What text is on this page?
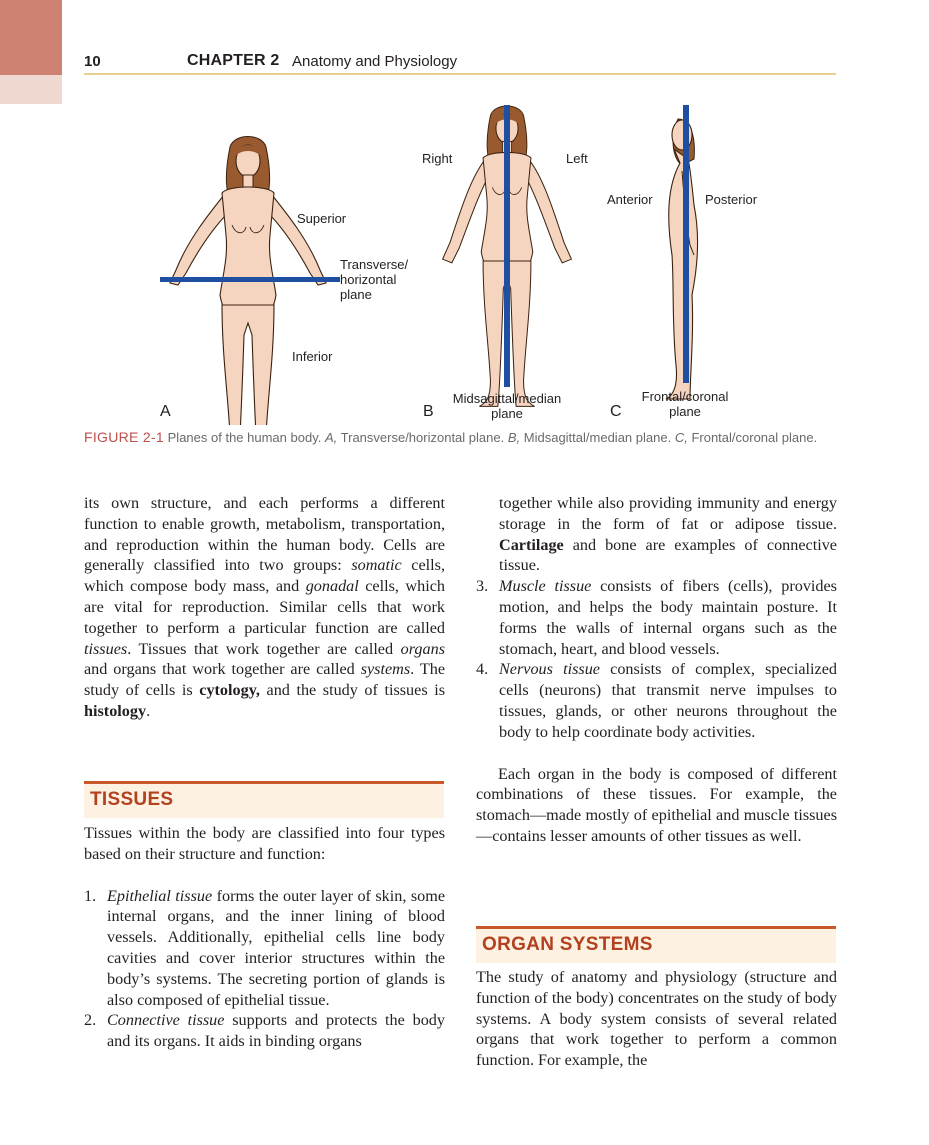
10	CHAPTER 2 Anatomy and Physiology
Superior
Transverse/
horizontal
plane
Inferior
A
Right	Left
Midsagittal/median
plane
B
Anterior	Posterior
Frontal/coronal
plane
C
FIGURE 2-1 Planes of the human body. A, Transverse/horizontal plane. B, Midsagittal/median plane. C, Frontal/coronal plane.

its own structure, and each performs a different function to enable growth, metabolism, transportation, and reproduction within the human body. Cells are generally classified into two groups: somatic cells, which compose body mass, and gonadal cells, which are vital for reproduction. Similar cells that work together to perform a particular function are called tissues. Tissues that work together are called organs and organs that work together are called systems. The study of cells is cytology, and the study of tissues is histology.

TISSUES

Tissues within the body are classified into four types based on their structure and function:

1. Epithelial tissue forms the outer layer of skin, some internal organs, and the inner lining of blood vessels. Additionally, epithelial cells line body cavities and cover interior structures within the body’s systems. The secreting portion of glands is also composed of epithelial tissue.
2. Connective tissue supports and protects the body and its organs. It aids in binding organs
together while also providing immunity and energy storage in the form of fat or adipose tissue. Cartilage and bone are examples of connective tissue.
3. Muscle tissue consists of fibers (cells), provides motion, and helps the body maintain posture. It forms the walls of internal organs such as the stomach, heart, and blood vessels.
4. Nervous tissue consists of complex, specialized cells (neurons) that transmit nerve impulses to tissues, glands, or other neurons throughout the body to help coordinate body activities.

Each organ in the body is composed of different combinations of these tissues. For example, the stomach—made mostly of epithelial and muscle tissues—contains lesser amounts of other tissues as well.

ORGAN SYSTEMS

The study of anatomy and physiology (structure and function of the body) concentrates on the study of body systems. A body system consists of several related organs that work together to perform a common function. For example, the
